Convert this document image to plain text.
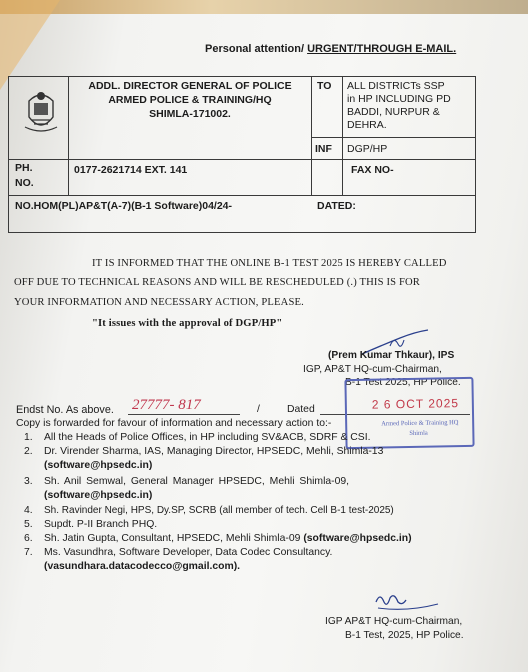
Personal attention/ URGENT/THROUGH E-MAIL.
ADDL. DIRECTOR GENERAL OF POLICE
ARMED POLICE & TRAINING/HQ
SHIMLA-171002.
TO ALL DISTRICTs SSP
in HP INCLUDING PD
BADDI, NURPUR &
DEHRA.
INF DGP/HP
PH.
NO.
0177-2621714 EXT. 141	FAX NO-
NO.HOM(PL)AP&T(A-7)(B-1 Software)04/24-	DATED:
IT IS INFORMED THAT THE ONLINE B-1 TEST 2025 IS HEREBY CALLED
OFF DUE TO TECHNICAL REASONS AND WILL BE RESCHEDULED (.) THIS IS FOR
YOUR INFORMATION AND NECESSARY ACTION, PLEASE.
"It issues with the approval of DGP/HP"
(Prem Kumar Thkaur), IPS
IGP, AP&T HQ-cum-Chairman,
B-1 Test 2025, HP Police.
Endst No. As above. 27777- 817	/	Dated	2 6 OCT 2025
Armed Police & Training HQ
Shimla
Copy is forwarded for favour of information and necessary action to:-
1. All the Heads of Police Offices, in HP including SV&ACB, SDRF & CSI.
2. Dr. Virender Sharma, IAS, Managing Director, HPSEDC, Mehli, Shimla-13
(software@hpsedc.in)
3. Sh. Anil Semwal, General Manager HPSEDC, Mehli Shimla-09,
(software@hpsedc.in)
4. Sh. Ravinder Negi, HPS, Dy.SP, SCRB (all member of tech. Cell B-1 test-2025)
5. Supdt. P-II Branch PHQ.
6. Sh. Jatin Gupta, Consultant, HPSEDC, Mehli Shimla-09 (software@hpsedc.in)
7. Ms. Vasundhra, Software Developer, Data Codec Consultancy.
(vasundhara.datacodecco@gmail.com).
IGP AP&T HQ-cum-Chairman,
B-1 Test, 2025, HP Police.
